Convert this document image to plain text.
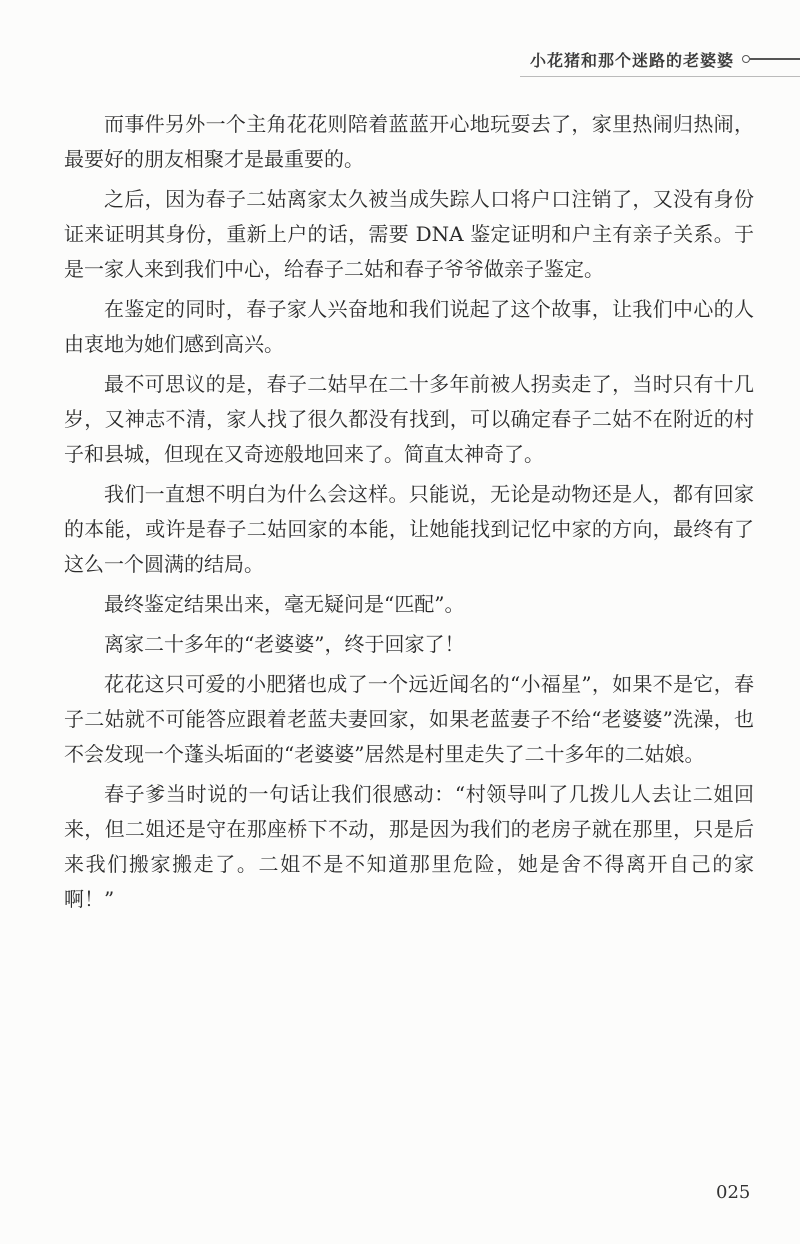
小花猪和那个迷路的老婆婆

而事件另外一个主角花花则陪着蓝蓝开心地玩耍去了，家里热闹归热闹，最要好的朋友相聚才是最重要的。

之后，因为春子二姑离家太久被当成失踪人口将户口注销了，又没有身份证来证明其身份，重新上户的话，需要 DNA 鉴定证明和户主有亲子关系。于是一家人来到我们中心，给春子二姑和春子爷爷做亲子鉴定。

在鉴定的同时，春子家人兴奋地和我们说起了这个故事，让我们中心的人由衷地为她们感到高兴。

最不可思议的是，春子二姑早在二十多年前被人拐卖走了，当时只有十几岁，又神志不清，家人找了很久都没有找到，可以确定春子二姑不在附近的村子和县城，但现在又奇迹般地回来了。简直太神奇了。

我们一直想不明白为什么会这样。只能说，无论是动物还是人，都有回家的本能，或许是春子二姑回家的本能，让她能找到记忆中家的方向，最终有了这么一个圆满的结局。

最终鉴定结果出来，毫无疑问是“匹配”。

离家二十多年的“老婆婆”，终于回家了！

花花这只可爱的小肥猪也成了一个远近闻名的“小福星”，如果不是它，春子二姑就不可能答应跟着老蓝夫妻回家，如果老蓝妻子不给“老婆婆”洗澡，也不会发现一个蓬头垢面的“老婆婆”居然是村里走失了二十多年的二姑娘。

春子爹当时说的一句话让我们很感动：“村领导叫了几拨儿人去让二姐回来，但二姐还是守在那座桥下不动，那是因为我们的老房子就在那里，只是后来我们搬家搬走了。二姐不是不知道那里危险，她是舍不得离开自己的家啊！”

025
